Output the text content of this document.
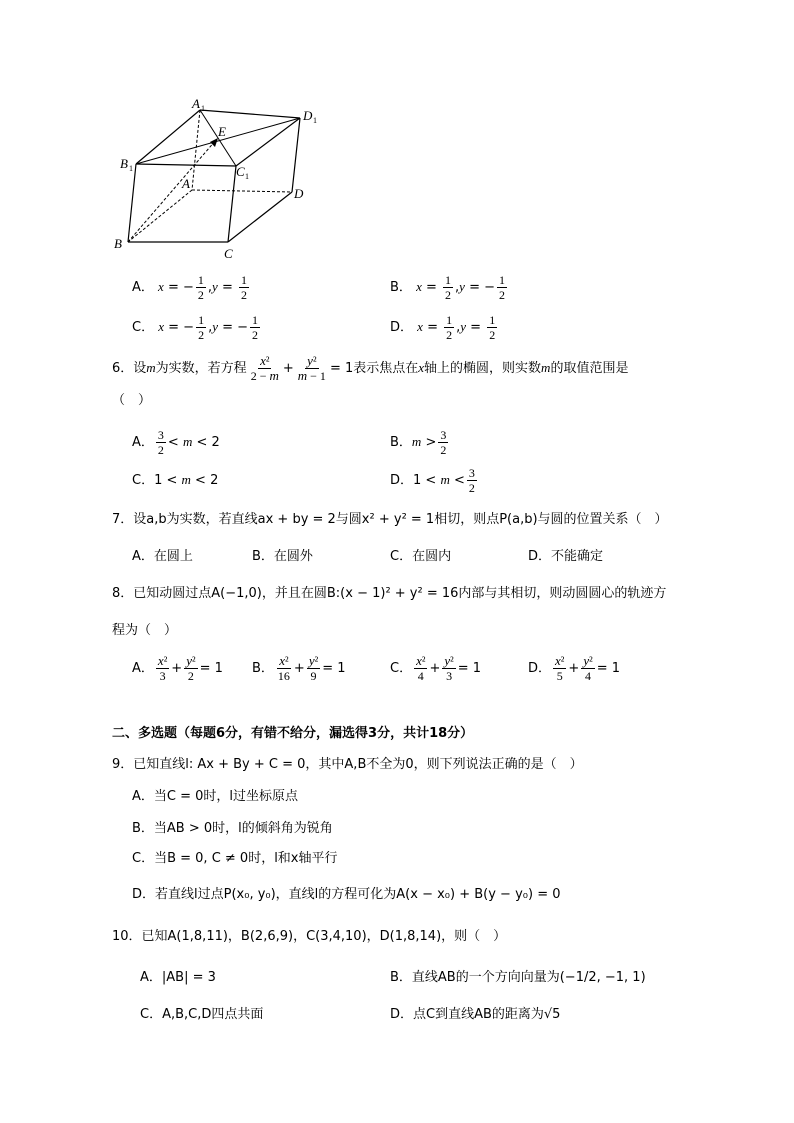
A 1	D 1
E
B 1	C 1
A
D
B
C
A． x = − $\frac{1}{2} ,y = \frac{1}{2}$	B． $x = \frac{1}{2} ,y$ = − $\frac{1}{2}$
C． x = − $\frac{1}{2} ,y$ = − $\frac{1}{2}$	D． $x = \frac{1}{2} ,y = \frac{1}{2}$
6．设m为实数，若方程 $\frac{\text{x²}}{2 - m} + \frac{\text{y²}}{m - 1} = 1$表示焦点在x轴上的椭圆，则实数m的取值范围是
（　）
A． $\frac{3}{2} < m < 2$	B．$m > \frac{3}{2}$
C．1 < m < 2	D．$1 < m < \frac{3}{2}$
7．设a,b为实数，若直线ax + by = 2与圆x² + y² = 1相切，则点P(a,b)与圆的位置关系（　）
A．在圆上	B．在圆外	C．在圆内	D．不能确定
8．已知动圆过点A(−1,0)，并且在圆B:(x − 1)² + y² = 16内部与其相切，则动圆圆心的轨迹方
程为（　）
A． $\frac{\text{x²}}{3} + \frac{\text{y²}}{2} = 1$ B． $\frac{\text{x²}}{16} + \frac{\text{y²}}{9} = 1$	C． $\frac{\text{x²}}{4} + \frac{\text{y²}}{3} = 1$	D． $\frac{\text{x²}}{5} + \frac{\text{y²}}{4} = 1$
二、多选题（每题6分，有错不给分，漏选得3分，共计18分）
9．已知直线l: Ax + By + C = 0，其中A,B不全为0，则下列说法正确的是（　）
A．当C = 0时，l过坐标原点
B．当AB > 0时，l的倾斜角为锐角
C．当B = 0, C ≠ 0时，l和x轴平行
D．若直线l过点P(x₀, y₀)，直线l的方程可化为A(x − x₀) + B(y − y₀) = 0
10．已知A(1,8,11)，B(2,6,9)，C(3,4,10)，D(1,8,14)，则（　）
A．|AB| = 3	B．直线AB的一个方向向量为(−1/2, −1, 1)
C．A,B,C,D四点共面	D．点C到直线AB的距离为√5
